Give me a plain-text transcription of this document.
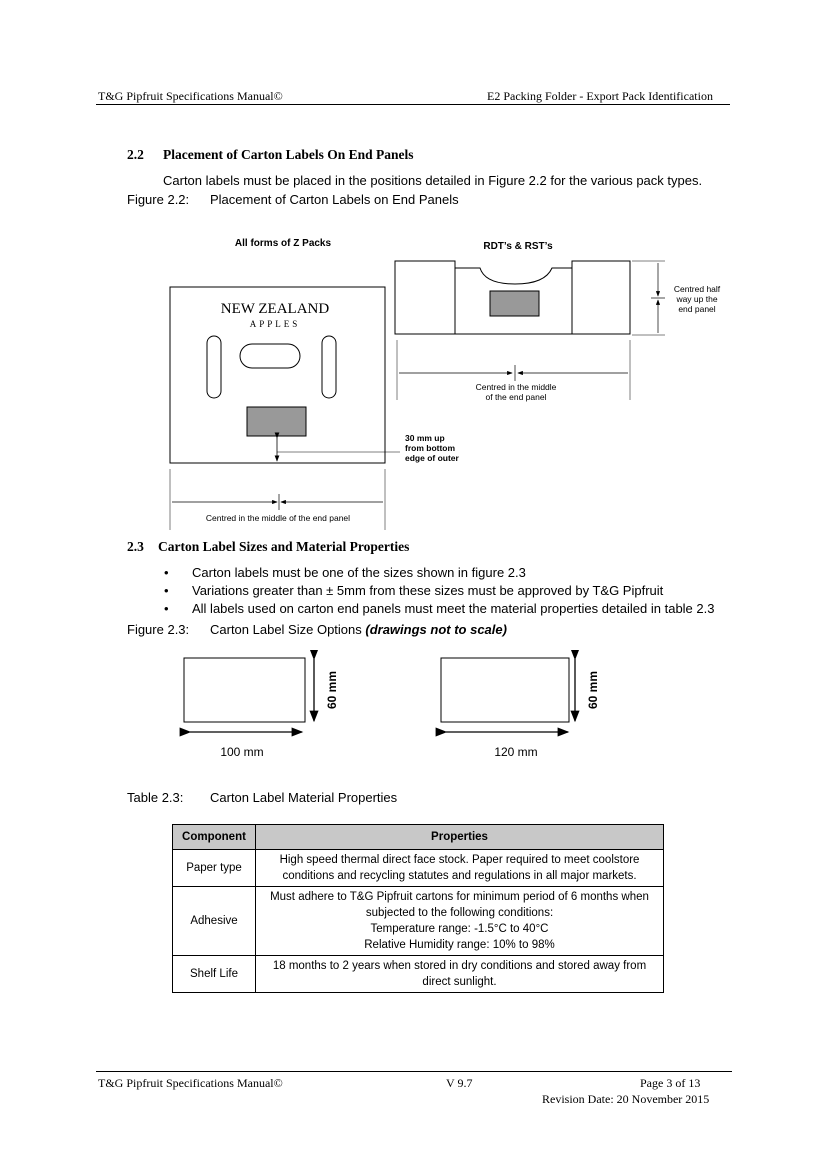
T&G Pipfruit Specifications Manual©	E2 Packing Folder - Export Pack Identification
2.2 Placement of Carton Labels On End Panels
Carton labels must be placed in the positions detailed in Figure 2.2 for the various pack types.
Figure 2.2: Placement of Carton Labels on End Panels
All forms of Z Packs
NEW ZEALAND
APPLES
30 mm up
from bottom
edge of outer
Centred in the middle of the end panel
RDT’s & RST’s
Centred half
way up the
end panel
Centred in the middle
of the end panel
2.3 Carton Label Sizes and Material Properties
• Carton labels must be one of the sizes shown in figure 2.3
• Variations greater than ± 5mm from these sizes must be approved by T&G Pipfruit
• All labels used on carton end panels must meet the material properties detailed in table 2.3
Figure 2.3: Carton Label Size Options (drawings not to scale)
100 mm
60 mm
120 mm
60 mm
Table 2.3: Carton Label Material Properties
Component	Properties
Paper type	High speed thermal direct face stock. Paper required to meet coolstore
conditions and recycling statutes and regulations in all major markets.

Adhesive	Must adhere to T&G Pipfruit cartons for minimum period of 6 months when
subjected to the following conditions:
Temperature range: -1.5°C to 40°C
Relative Humidity range: 10% to 98%

Shelf Life	18 months to 2 years when stored in dry conditions and stored away from
direct sunlight.
T&G Pipfruit Specifications Manual©	V 9.7	Page 3 of 13
Revision Date: 20 November 2015
